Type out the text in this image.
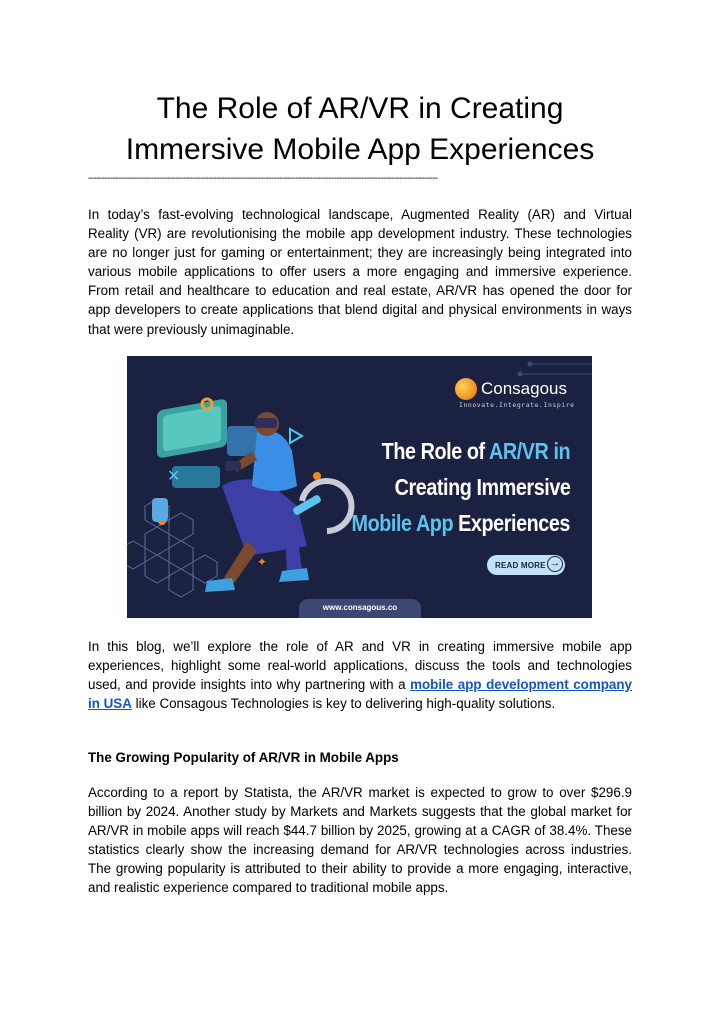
The Role of AR/VR in Creating
Immersive Mobile App Experiences
--------------------------------------------------------------------------------------------------------------------------------

In today’s fast-evolving technological landscape, Augmented Reality (AR) and Virtual Reality (VR) are revolutionising the mobile app development industry. These technologies are no longer just for gaming or entertainment; they are increasingly being integrated into various mobile applications to offer users a more engaging and immersive experience. From retail and healthcare to education and real estate, AR/VR has opened the door for app developers to create applications that blend digital and physical environments in ways that were previously unimaginable.

✕
✦
Consagous
Innovate.Integrate.Inspire
The Role of AR/VR in
Creating Immersive
Mobile App Experiences
READ MORE →
www.consagous.co

In this blog, we’ll explore the role of AR and VR in creating immersive mobile app experiences, highlight some real-world applications, discuss the tools and technologies used, and provide insights into why partnering with a mobile app development company in USA like Consagous Technologies is key to delivering high-quality solutions.

The Growing Popularity of AR/VR in Mobile Apps

According to a report by Statista, the AR/VR market is expected to grow to over $296.9 billion by 2024. Another study by Markets and Markets suggests that the global market for AR/VR in mobile apps will reach $44.7 billion by 2025, growing at a CAGR of 38.4%. These statistics clearly show the increasing demand for AR/VR technologies across industries. The growing popularity is attributed to their ability to provide a more engaging, interactive, and realistic experience compared to traditional mobile apps.
